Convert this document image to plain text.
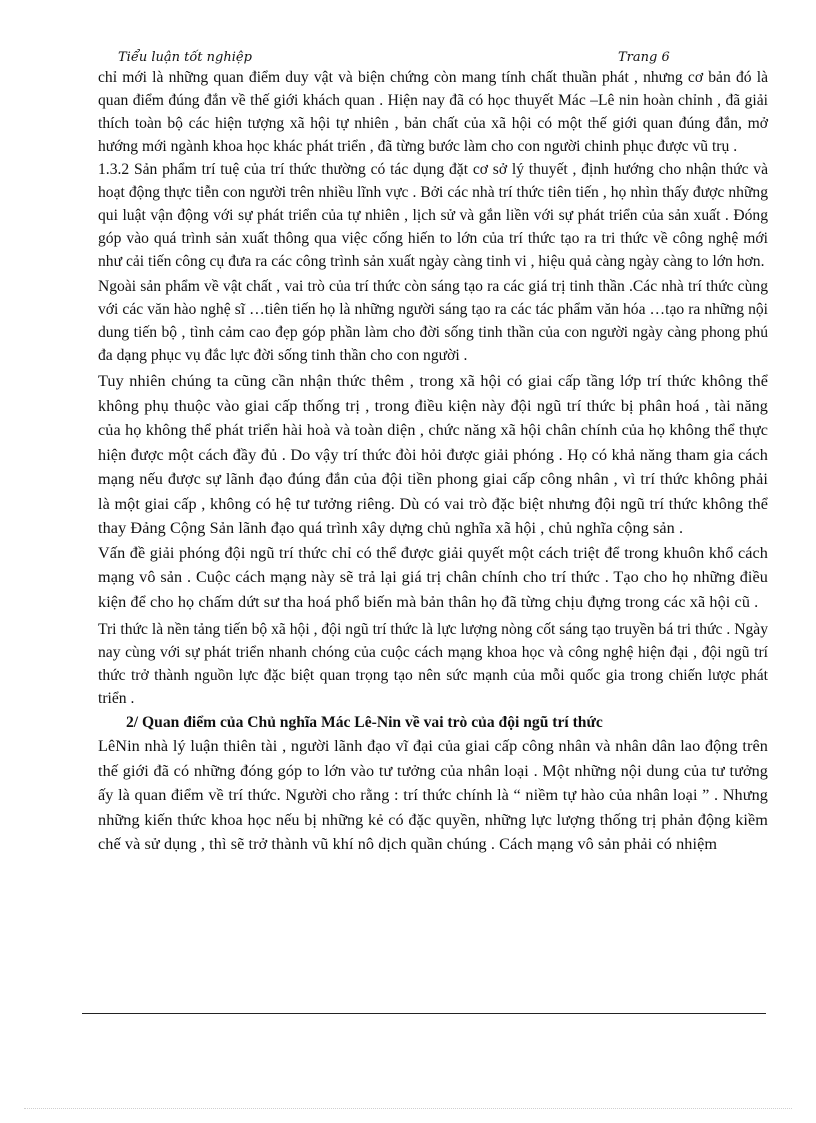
Tiểu luận tốt nghiệp	Trang 6

chỉ mới là những quan điểm duy vật và biện chứng còn mang tính chất thuần phát , nhưng cơ bản đó là quan điểm đúng đắn về thế giới khách quan . Hiện nay đã có học thuyết Mác –Lê nin hoàn chỉnh , đã giải thích toàn bộ các hiện tượng xã hội tự nhiên , bản chất của xã hội có một thế giới quan đúng đắn, mở hướng mới ngành khoa học khác phát triển , đã từng bước làm cho con người chinh phục được vũ trụ .

1.3.2 Sản phẩm trí tuệ của trí thức thường có tác dụng đặt cơ sở lý thuyết , định hướng cho nhận thức và hoạt động thực tiễn con người trên nhiều lĩnh vực . Bởi các nhà trí thức tiên tiến , họ nhìn thấy được những qui luật vận động với sự phát triển của tự nhiên , lịch sử và gắn liền với sự phát triển của sản xuất . Đóng góp vào quá trình sản xuất thông qua việc cống hiến to lớn của trí thức tạo ra tri thức về công nghệ mới như cải tiến công cụ đưa ra các công trình sản xuất ngày càng tinh vi , hiệu quả càng ngày càng to lớn hơn.

Ngoài sản phẩm về vật chất , vai trò của trí thức còn sáng tạo ra các giá trị tinh thần .Các nhà trí thức cùng với các văn hào nghệ sĩ …tiên tiến họ là những người sáng tạo ra các tác phẩm văn hóa …tạo ra những nội dung tiến bộ , tình cảm cao đẹp góp phần làm cho đời sống tinh thần của con người ngày càng phong phú đa dạng phục vụ đắc lực đời sống tinh thần cho con người .

Tuy nhiên chúng ta cũng cần nhận thức thêm , trong xã hội có giai cấp tầng lớp trí thức không thể không phụ thuộc vào giai cấp thống trị , trong điều kiện này đội ngũ trí thức bị phân hoá , tài năng của họ không thể phát triển hài hoà và toàn diện , chức năng xã hội chân chính của họ không thể thực hiện được một cách đầy đủ . Do vậy trí thức đòi hỏi được giải phóng . Họ có khả năng tham gia cách mạng nếu được sự lãnh đạo đúng đắn của đội tiền phong giai cấp công nhân , vì trí thức không phải là một giai cấp , không có hệ tư tưởng riêng. Dù có vai trò đặc biệt nhưng đội ngũ trí thức không thể thay Đảng Cộng Sản lãnh đạo quá trình xây dựng chủ nghĩa xã hội , chủ nghĩa cộng sản .

Vấn đề giải phóng đội ngũ trí thức chỉ có thể được giải quyết một cách triệt để trong khuôn khổ cách mạng vô sản . Cuộc cách mạng này sẽ trả lại giá trị chân chính cho trí thức . Tạo cho họ những điều kiện để cho họ chấm dứt sư tha hoá phổ biến mà bản thân họ đã từng chịu đựng trong các xã hội cũ .

Tri thức là nền tảng tiến bộ xã hội , đội ngũ trí thức là lực lượng nòng cốt sáng tạo truyền bá tri thức . Ngày nay cùng với sự phát triển nhanh chóng của cuộc cách mạng khoa học và công nghệ hiện đại , đội ngũ trí thức trở thành nguồn lực đặc biệt quan trọng tạo nên sức mạnh của mỗi quốc gia trong chiến lược phát triển .

2/ Quan điểm của Chủ nghĩa Mác Lê-Nin về vai trò của đội ngũ trí thức

LêNin nhà lý luận thiên tài , người lãnh đạo vĩ đại của giai cấp công nhân và nhân dân lao động trên thế giới đã có những đóng góp to lớn vào tư tưởng của nhân loại . Một những nội dung của tư tưởng ấy là quan điểm về trí thức. Người cho rằng : trí thức chính là “ niềm tự hào của nhân loại ” . Nhưng những kiến thức khoa học nếu bị những kẻ có đặc quyền, những lực lượng thống trị phản động kiềm chế và sử dụng , thì sẽ trở thành vũ khí nô dịch quần chúng . Cách mạng vô sản phải có nhiệm
